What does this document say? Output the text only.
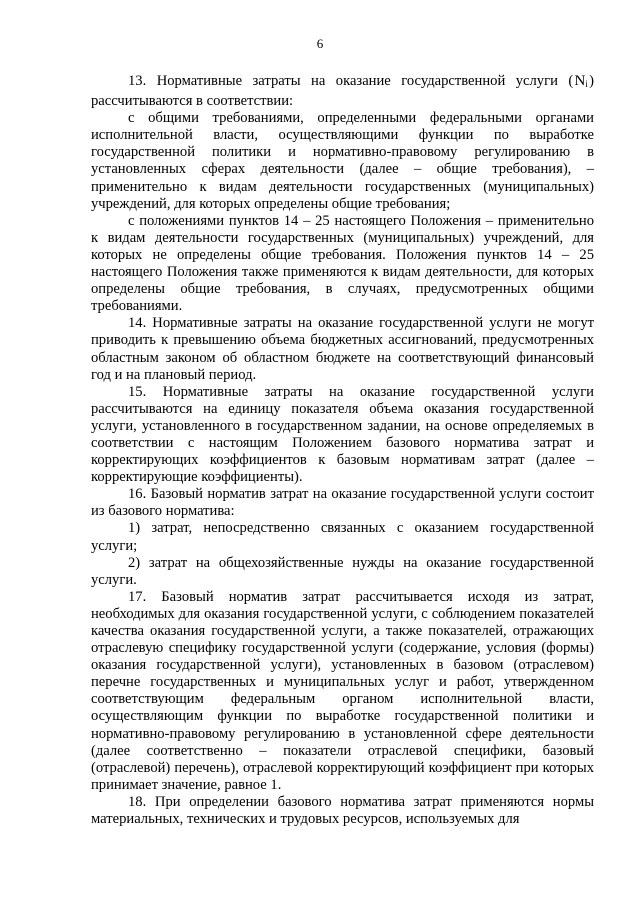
6

13. Нормативные затраты на оказание государственной услуги ( $N_i$ ) рассчитываются в соответствии:

с общими требованиями, определенными федеральными органами исполнительной власти, осуществляющими функции по выработке государственной политики и нормативно-правовому регулированию в установленных сферах деятельности (далее – общие требования), – применительно к видам деятельности государственных (муниципальных) учреждений, для которых определены общие требования;

с положениями пунктов 14 – 25 настоящего Положения – применительно к видам деятельности государственных (муниципальных) учреждений, для которых не определены общие требования. Положения пунктов 14 – 25 настоящего Положения также применяются к видам деятельности, для которых определены общие требования, в случаях, предусмотренных общими требованиями.

14. Нормативные затраты на оказание государственной услуги не могут приводить к превышению объема бюджетных ассигнований, предусмотренных областным законом об областном бюджете на соответствующий финансовый год и на плановый период.

15. Нормативные затраты на оказание государственной услуги рассчитываются на единицу показателя объема оказания государственной услуги, установленного в государственном задании, на основе определяемых в соответствии с настоящим Положением базового норматива затрат и корректирующих коэффициентов к базовым нормативам затрат (далее – корректирующие коэффициенты).

16. Базовый норматив затрат на оказание государственной услуги состоит из базового норматива:

1) затрат, непосредственно связанных с оказанием государственной услуги;

2) затрат на общехозяйственные нужды на оказание государственной услуги.

17. Базовый норматив затрат рассчитывается исходя из затрат, необходимых для оказания государственной услуги, с соблюдением показателей качества оказания государственной услуги, а также показателей, отражающих отраслевую специфику государственной услуги (содержание, условия (формы) оказания государственной услуги), установленных в базовом (отраслевом) перечне государственных и муниципальных услуг и работ, утвержденном соответствующим федеральным органом исполнительной власти, осуществляющим функции по выработке государственной политики и нормативно-правовому регулированию в установленной сфере деятельности (далее соответственно – показатели отраслевой специфики, базовый (отраслевой) перечень), отраслевой корректирующий коэффициент при которых принимает значение, равное 1.

18. При определении базового норматива затрат применяются нормы материальных, технических и трудовых ресурсов, используемых для
